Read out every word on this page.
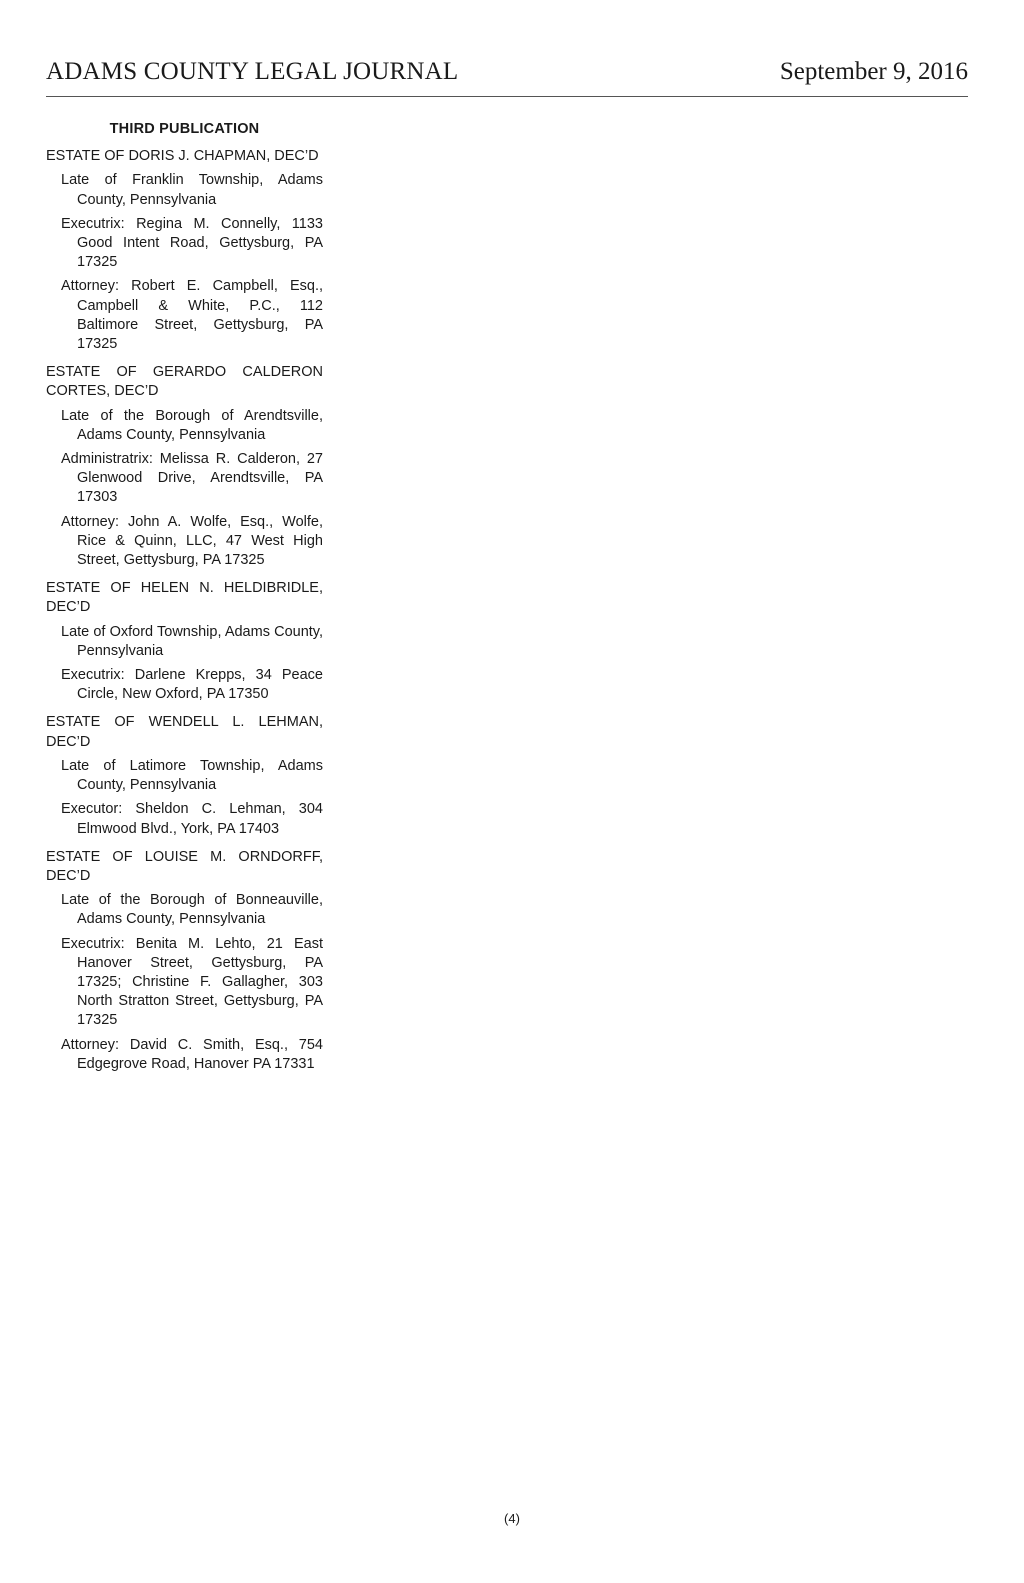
ADAMS COUNTY LEGAL JOURNAL	September 9, 2016
THIRD PUBLICATION
ESTATE OF DORIS J. CHAPMAN, DEC’D
Late of Franklin Township, Adams County, Pennsylvania
Executrix: Regina M. Connelly, 1133 Good Intent Road, Gettysburg, PA 17325
Attorney: Robert E. Campbell, Esq., Campbell & White, P.C., 112 Baltimore Street, Gettysburg, PA 17325
ESTATE OF GERARDO CALDERON CORTES, DEC’D
Late of the Borough of Arendtsville, Adams County, Pennsylvania
Administratrix: Melissa R. Calderon, 27 Glenwood Drive, Arendtsville, PA 17303
Attorney: John A. Wolfe, Esq., Wolfe, Rice & Quinn, LLC, 47 West High Street, Gettysburg, PA 17325
ESTATE OF HELEN N. HELDIBRIDLE, DEC’D
Late of Oxford Township, Adams County, Pennsylvania
Executrix: Darlene Krepps, 34 Peace Circle, New Oxford, PA 17350
ESTATE OF WENDELL L. LEHMAN, DEC’D
Late of Latimore Township, Adams County, Pennsylvania
Executor: Sheldon C. Lehman, 304 Elmwood Blvd., York, PA 17403
ESTATE OF LOUISE M. ORNDORFF, DEC’D
Late of the Borough of Bonneauville, Adams County, Pennsylvania
Executrix: Benita M. Lehto, 21 East Hanover Street, Gettysburg, PA 17325; Christine F. Gallagher, 303 North Stratton Street, Gettysburg, PA 17325
Attorney: David C. Smith, Esq., 754 Edgegrove Road, Hanover PA 17331
(4)
